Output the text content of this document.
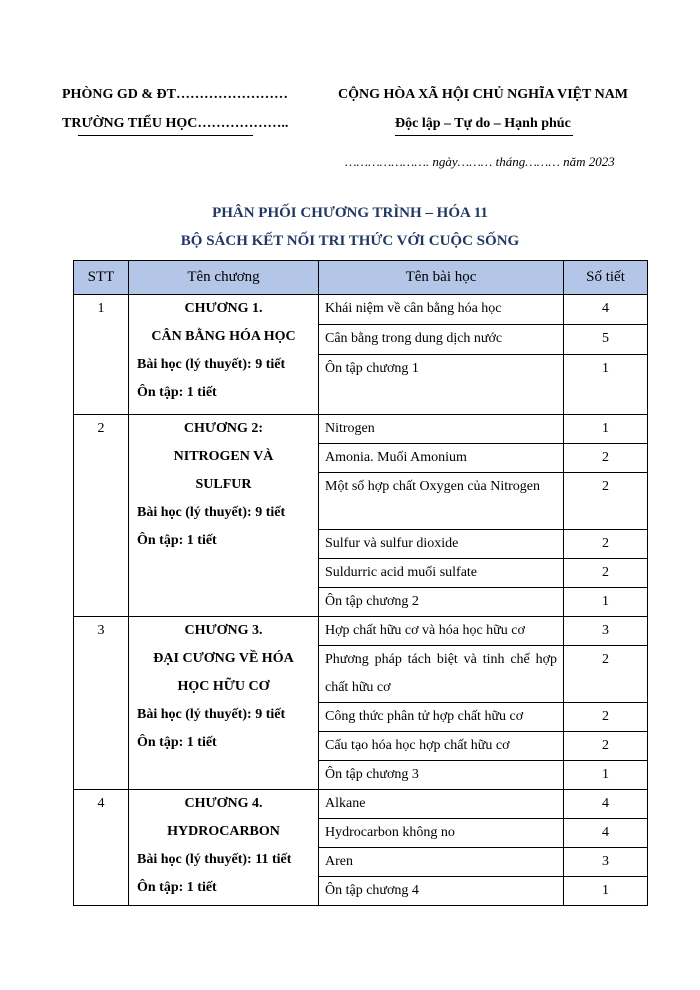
PHÒNG GD & ĐT……………………
TRƯỜNG TIỂU HỌC………………..
CỘNG HÒA XÃ HỘI CHỦ NGHĨA VIỆT NAM
Độc lập – Tự do – Hạnh phúc
…………………. ngày……… tháng……… năm 2023
PHÂN PHỐI CHƯƠNG TRÌNH – HÓA 11
BỘ SÁCH KẾT NỐI TRI THỨC VỚI CUỘC SỐNG
STT	Tên chương	Tên bài học	Số tiết
1	CHƯƠNG 1.
CÂN BẰNG HÓA HỌC
Bài học (lý thuyết): 9 tiết
Ôn tập: 1 tiết	Khái niệm về cân bằng hóa học	4
		Cân bằng trong dung dịch nước	5
		Ôn tập chương 1	1
2	CHƯƠNG 2:
NITROGEN VÀ
SULFUR
Bài học (lý thuyết): 9 tiết
Ôn tập: 1 tiết	Nitrogen	1
		Amonia. Muối Amonium	2
		Một số hợp chất Oxygen của Nitrogen	2
		Sulfur và sulfur dioxide	2
		Suldurric acid muối sulfate	2
		Ôn tập chương 2	1
3	CHƯƠNG 3.
ĐẠI CƯƠNG VỀ HÓA
HỌC HỮU CƠ
Bài học (lý thuyết): 9 tiết
Ôn tập: 1 tiết	Hợp chất hữu cơ và hóa học hữu cơ	3
		Phương pháp tách biệt và tinh chế hợp chất hữu cơ	2
		Công thức phân tử hợp chất hữu cơ	2
		Cấu tạo hóa học hợp chất hữu cơ	2
		Ôn tập chương 3	1
4	CHƯƠNG 4.
HYDROCARBON
Bài học (lý thuyết): 11 tiết
Ôn tập: 1 tiết	Alkane	4
		Hydrocarbon không no	4
		Aren	3
		Ôn tập chương 4	1
